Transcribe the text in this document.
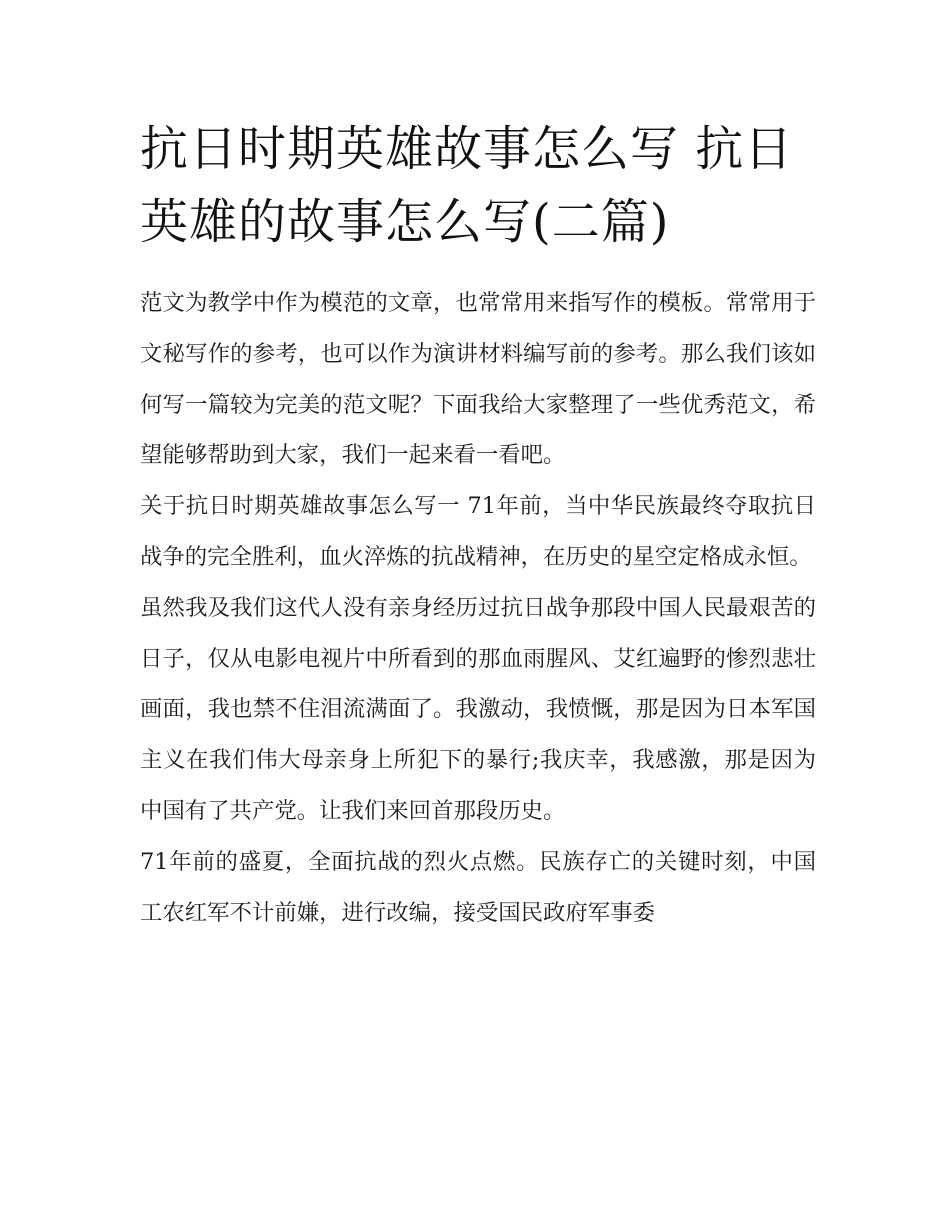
抗日时期英雄故事怎么写 抗日
英雄的故事怎么写(二篇)

范文为教学中作为模范的文章，也常常用来指写作的模板。常常用于文秘写作的参考，也可以作为演讲材料编写前的参考。那么我们该如何写一篇较为完美的范文呢？下面我给大家整理了一些优秀范文，希望能够帮助到大家，我们一起来看一看吧。

关于抗日时期英雄故事怎么写一 71年前，当中华民族最终夺取抗日战争的完全胜利，血火淬炼的抗战精神，在历史的星空定格成永恒。

虽然我及我们这代人没有亲身经历过抗日战争那段中国人民最艰苦的日子，仅从电影电视片中所看到的那血雨腥风、艾红遍野的惨烈悲壮画面，我也禁不住泪流满面了。我激动，我愤慨，那是因为日本军国主义在我们伟大母亲身上所犯下的暴行;我庆幸，我感激，那是因为中国有了共产党。让我们来回首那段历史。

71年前的盛夏，全面抗战的烈火点燃。民族存亡的关键时刻，中国工农红军不计前嫌，进行改编，接受国民政府军事委
